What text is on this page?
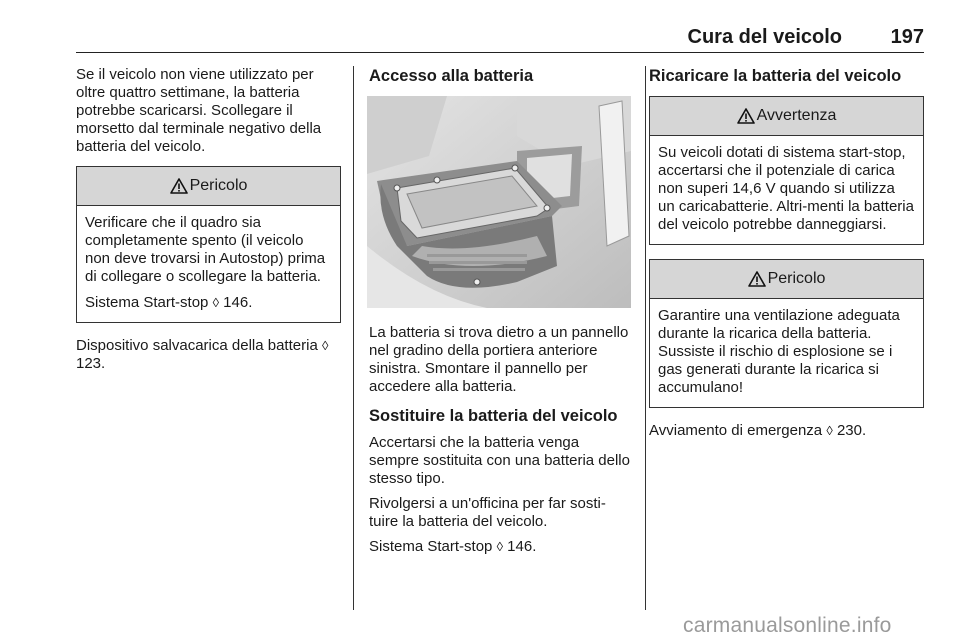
Cura del veicolo 197

Se il veicolo non viene utilizzato per oltre quattro settimane, la batteria potrebbe scaricarsi. Scollegare il morsetto dal terminale negativo della batteria del veicolo.

Pericolo

Verificare che il quadro sia completamente spento (il veicolo non deve trovarsi in Autostop) prima di collegare o scollegare la batteria.

Sistema Start-stop ◊ 146.

Dispositivo salvacarica della batteria ◊ 123.

Accesso alla batteria

La batteria si trova dietro a un pannello nel gradino della portiera anteriore sinistra. Smontare il pannello per accedere alla batteria.

Sostituire la batteria del veicolo

Accertarsi che la batteria venga sempre sostituita con una batteria dello stesso tipo.

Rivolgersi a un'officina per far sosti-tuire la batteria del veicolo.

Sistema Start-stop ◊ 146.

Ricaricare la batteria del veicolo
Avvertenza

Su veicoli dotati di sistema start-stop, accertarsi che il potenziale di carica non superi 14,6 V quando si utilizza un caricabatterie. Altri-menti la batteria del veicolo potrebbe danneggiarsi.

Pericolo

Garantire una ventilazione adeguata durante la ricarica della batteria. Sussiste il rischio di esplosione se i gas generati durante la ricarica si accumulano!

Avviamento di emergenza ◊ 230.

carmanualsonline.info
